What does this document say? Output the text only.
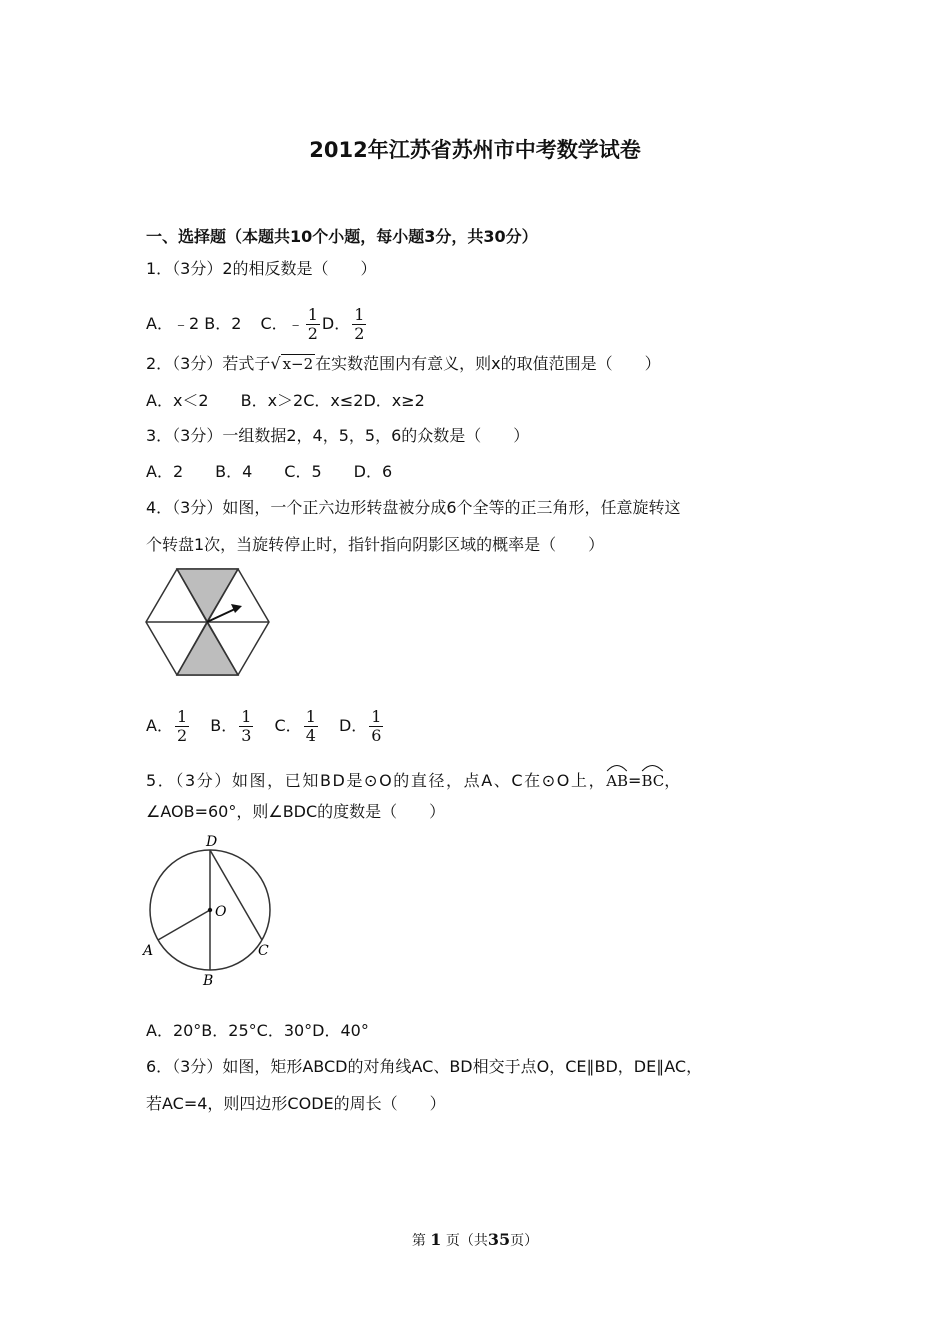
2012年江苏省苏州市中考数学试卷
一、选择题（本题共10个小题，每小题3分，共30分）
1．（3分）2的相反数是（　　）
A．﹣2 B．2 C．﹣ $\frac{1}{2}$ D． $\frac{1}{2}$
2．（3分）若式子√ x−2 在实数范围内有意义，则x的取值范围是（　　）
A．x＜2　　B．x＞2C．x≤2D．x≥2
3．（3分）一组数据2，4，5，5，6的众数是（　　）
A．2　　B．4　　C．5　　D．6
4．（3分）如图，一个正六边形转盘被分成6个全等的正三角形，任意旋转这
个转盘1次，当旋转停止时，指针指向阴影区域的概率是（　　）
A． $\frac{1}{2}$ B． $\frac{1}{3}$ C． $\frac{1}{4}$ D． $\frac{1}{6}$
5．（3分）如图，已知BD是⊙O的直径，点A、C在⊙O上，
AB=
BC，
∠AOB=60°，则∠BDC的度数是（　　）
D
O
A	C
B
A．20°B．25°C．30°D．40°
6．（3分）如图，矩形ABCD的对角线AC、BD相交于点O，CE∥BD，DE∥AC，
若AC=4，则四边形CODE的周长（　　）
第 1 页（共35页）
